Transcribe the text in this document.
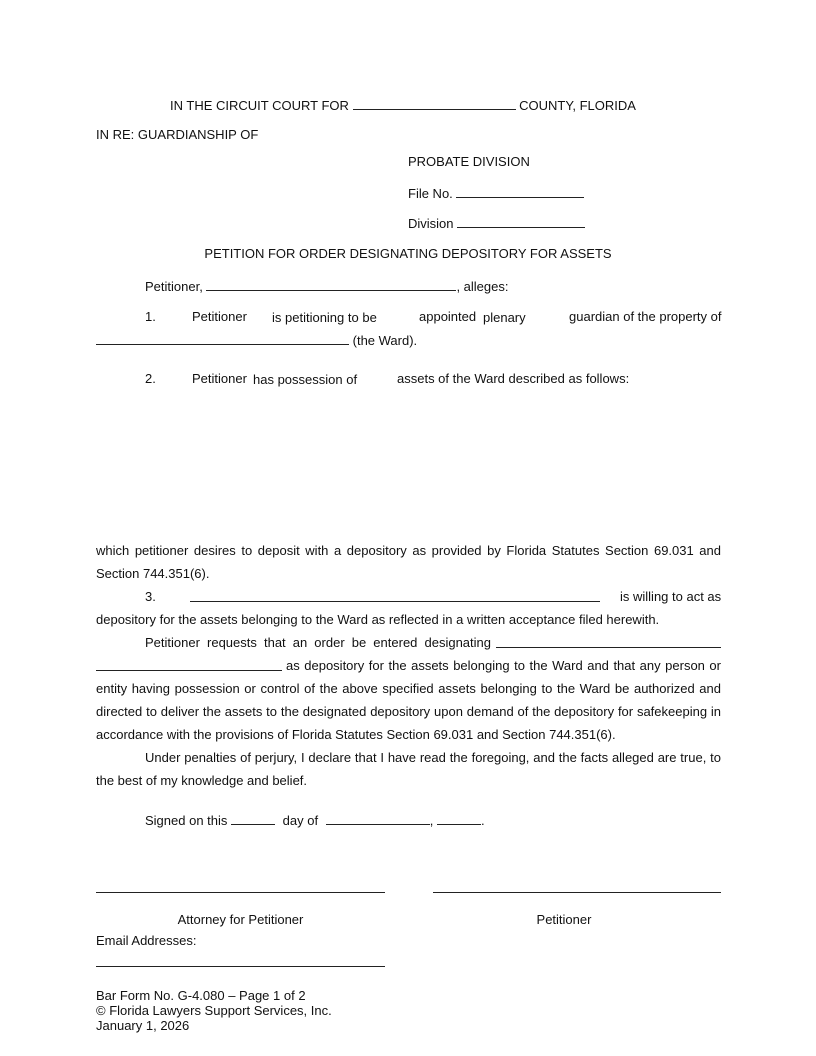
IN THE CIRCUIT COURT FOR	COUNTY, FLORIDA
IN RE: GUARDIANSHIP OF
PROBATE DIVISION
File No.
Division
PETITION FOR ORDER DESIGNATING DEPOSITORY FOR ASSETS
Petitioner,	, alleges:
1.	Petitioner is petitioning to be	appointed plenary	guardian of the property of
(the Ward).
2.	Petitioner has possession of	assets of the Ward described as follows:
which petitioner desires to deposit with a depository as provided by Florida Statutes Section 69.031 and
Section 744.351(6).
3.	is willing to act as
depository for the assets belonging to the Ward as reflected in a written acceptance filed herewith.
Petitioner requests that an order be entered designating
as depository for the assets belonging to the Ward and that any person or
entity having possession or control of the above specified assets belonging to the Ward be authorized and
directed to deliver the assets to the designated depository upon demand of the depository for safekeeping in
accordance with the provisions of Florida Statutes Section 69.031 and Section 744.351(6).
Under penalties of perjury, I declare that I have read the foregoing, and the facts alleged are true, to
the best of my knowledge and belief.
Signed on this	day of	,	.
Attorney for Petitioner	Petitioner
Email Addresses:
Bar Form No. G-4.080 – Page 1 of 2
© Florida Lawyers Support Services, Inc.
January 1, 2026
